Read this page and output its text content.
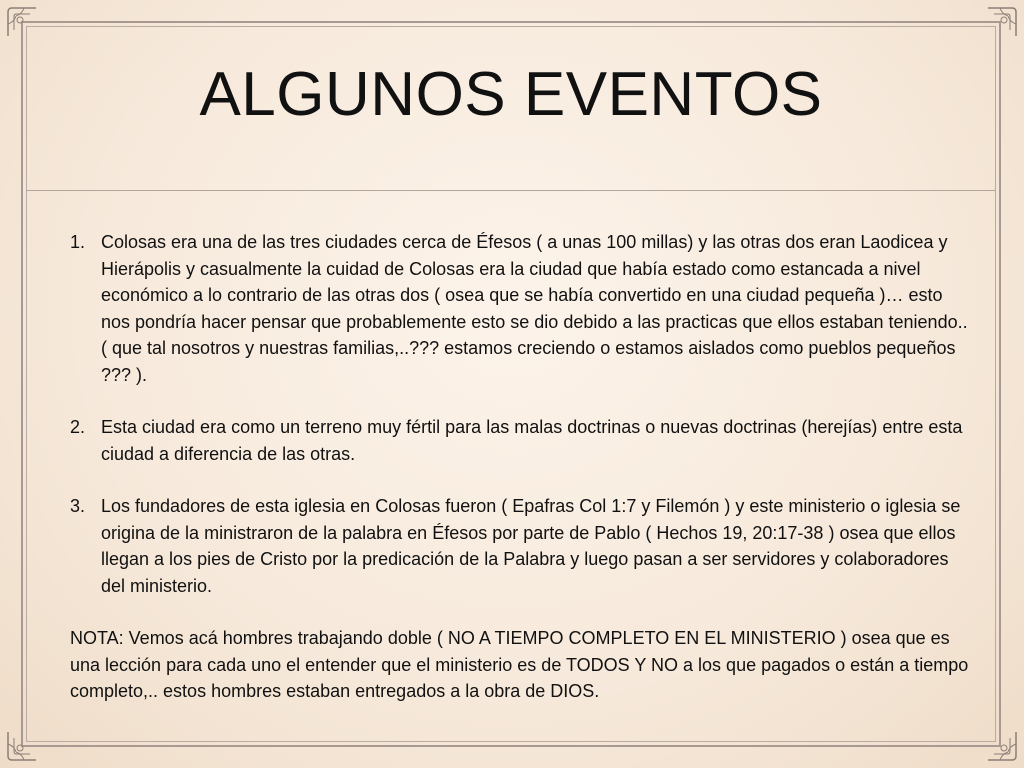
ALGUNOS EVENTOS
1. Colosas era una de las tres ciudades cerca de Éfesos ( a unas 100 millas) y las otras dos eran Laodicea y Hierápolis y casualmente la cuidad de Colosas era la ciudad que había estado como estancada a nivel económico a lo contrario de las otras dos ( osea que se había convertido en una ciudad pequeña )… esto nos pondría hacer pensar que probablemente esto se dio debido a las practicas que ellos estaban teniendo..( que tal nosotros y nuestras familias,..??? estamos creciendo o estamos aislados como pueblos pequeños ??? ).
2. Esta ciudad era como un terreno muy fértil para las malas doctrinas o nuevas doctrinas (herejías) entre esta ciudad a diferencia de las otras.
3. Los fundadores de esta iglesia en Colosas fueron ( Epafras Col 1:7 y Filemón ) y este ministerio o iglesia se origina de la ministraron de la palabra en Éfesos por parte de Pablo ( Hechos 19, 20:17-38 ) osea que ellos llegan a los pies de Cristo por la predicación de la Palabra y luego pasan a ser servidores y colaboradores del ministerio.
NOTA: Vemos acá hombres trabajando doble ( NO A TIEMPO COMPLETO EN EL MINISTERIO ) osea que es una lección para cada uno el entender que el ministerio es de TODOS Y NO a los que pagados o están a tiempo completo,.. estos hombres estaban entregados a la obra de DIOS.
